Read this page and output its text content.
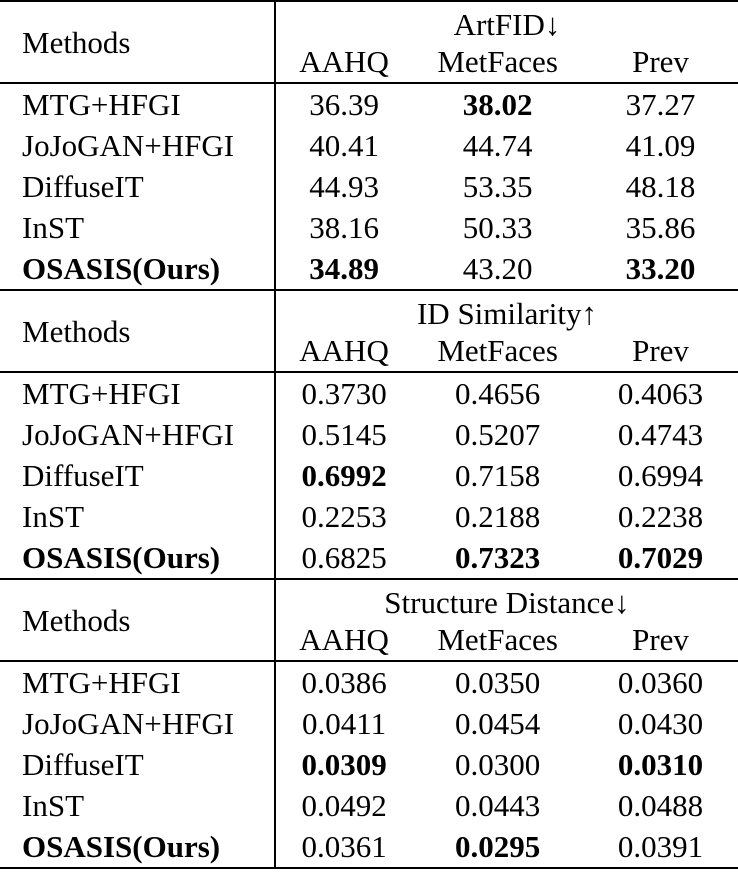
Methods	ArtFID↓		
	AAHQ	MetFaces	Prev
MTG+HFGI	36.39	38.02	37.27
JoJoGAN+HFGI	40.41	44.74	41.09
DiffuseIT	44.93	53.35	48.18
InST	38.16	50.33	35.86
OSASIS(Ours)	34.89	43.20	33.20
Methods	ID Similarity↑		
	AAHQ	MetFaces	Prev
MTG+HFGI	0.3730	0.4656	0.4063
JoJoGAN+HFGI	0.5145	0.5207	0.4743
DiffuseIT	0.6992	0.7158	0.6994
InST	0.2253	0.2188	0.2238
OSASIS(Ours)	0.6825	0.7323	0.7029
Methods	Structure Distance↓		
	AAHQ	MetFaces	Prev
MTG+HFGI	0.0386	0.0350	0.0360
JoJoGAN+HFGI	0.0411	0.0454	0.0430
DiffuseIT	0.0309	0.0300	0.0310
InST	0.0492	0.0443	0.0488
OSASIS(Ours)	0.0361	0.0295	0.0391
